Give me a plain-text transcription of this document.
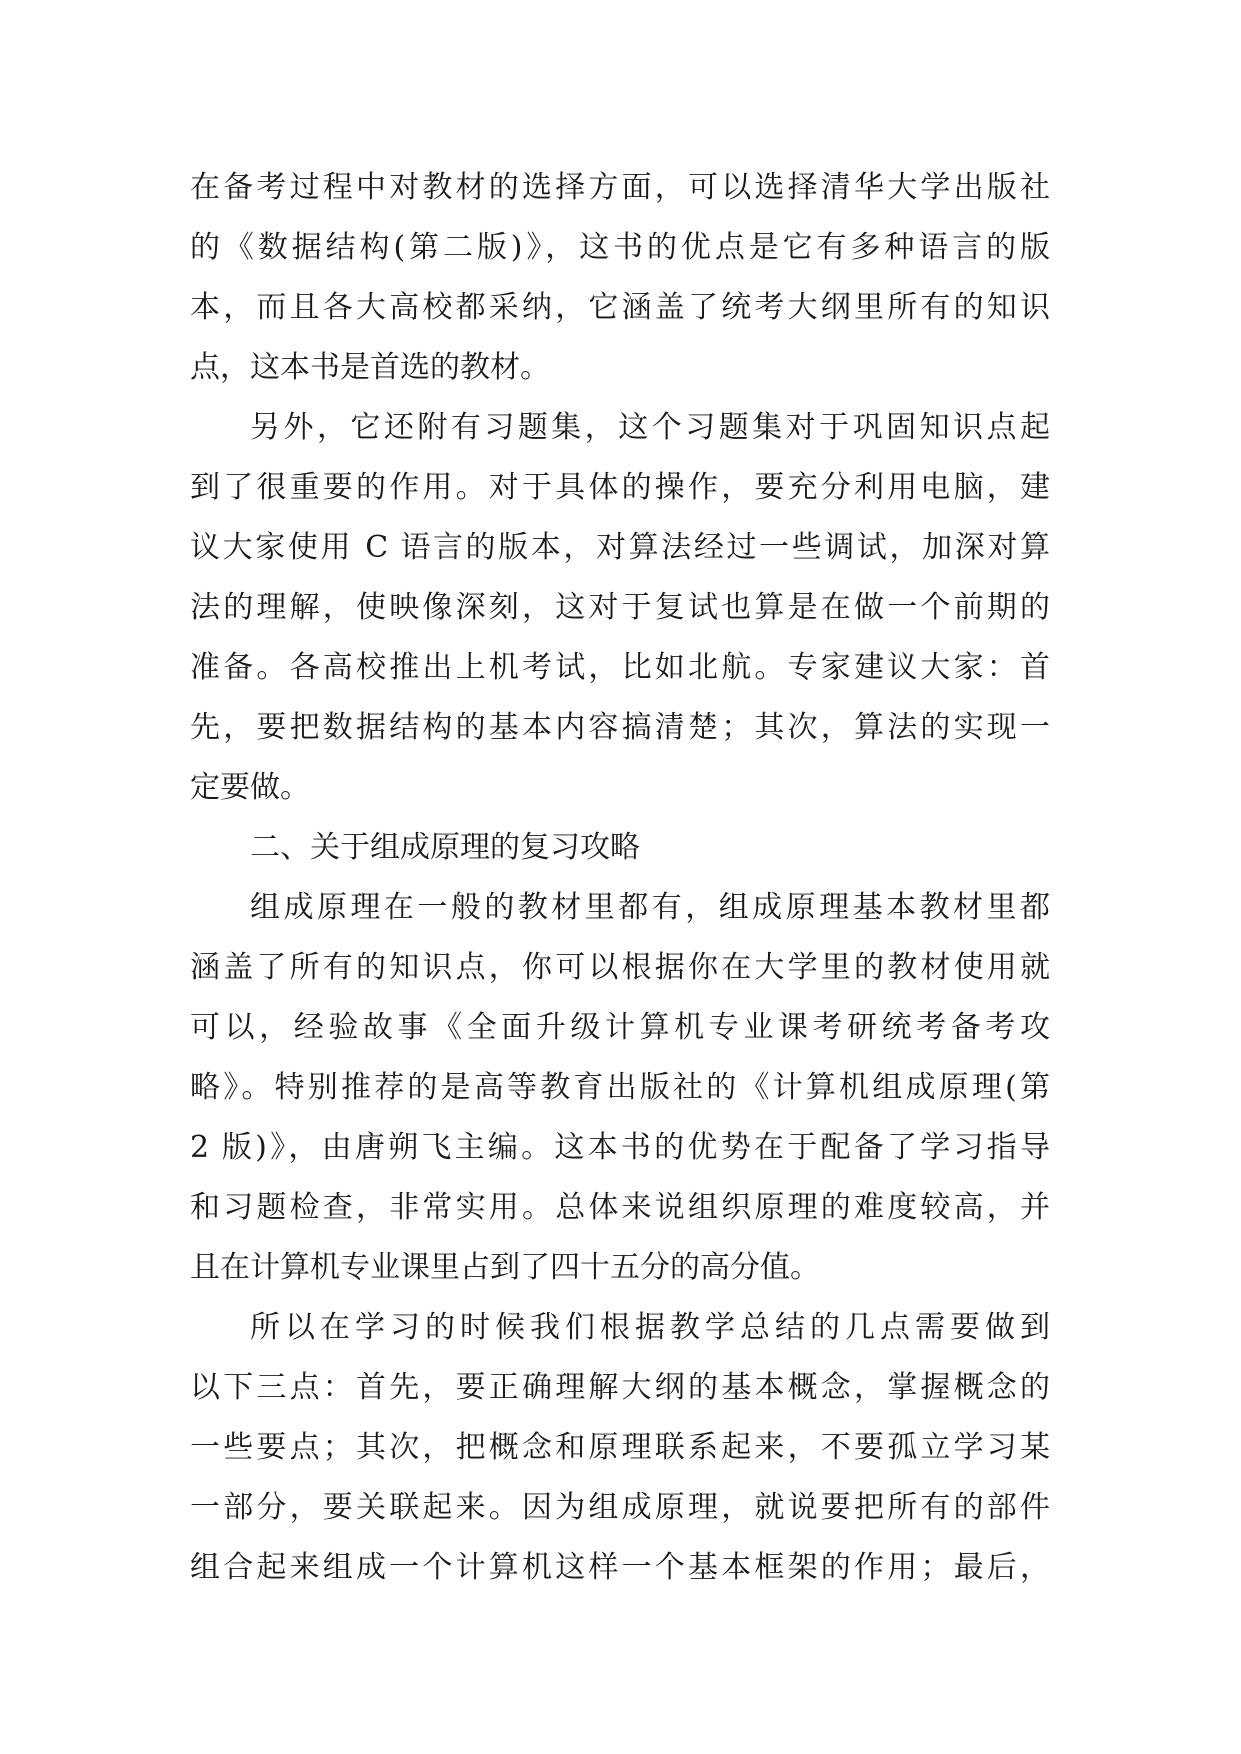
在备考过程中对教材的选择方面，可以选择清华大学出版社
的《数据结构(第二版)》，这书的优点是它有多种语言的版
本，而且各大高校都采纳，它涵盖了统考大纲里所有的知识
点，这本书是首选的教材。
另外，它还附有习题集，这个习题集对于巩固知识点起
到了很重要的作用。对于具体的操作，要充分利用电脑，建
议大家使用 C 语言的版本，对算法经过一些调试，加深对算
法的理解，使映像深刻，这对于复试也算是在做一个前期的
准备。各高校推出上机考试，比如北航。专家建议大家：首
先，要把数据结构的基本内容搞清楚；其次，算法的实现一
定要做。
二、关于组成原理的复习攻略
组成原理在一般的教材里都有，组成原理基本教材里都
涵盖了所有的知识点，你可以根据你在大学里的教材使用就
可以，经验故事《全面升级计算机专业课考研统考备考攻
略》。特别推荐的是高等教育出版社的《计算机组成原理(第
2 版)》，由唐朔飞主编。这本书的优势在于配备了学习指导
和习题检查，非常实用。总体来说组织原理的难度较高，并
且在计算机专业课里占到了四十五分的高分值。
所以在学习的时候我们根据教学总结的几点需要做到
以下三点：首先，要正确理解大纲的基本概念，掌握概念的
一些要点；其次，把概念和原理联系起来，不要孤立学习某
一部分，要关联起来。因为组成原理，就说要把所有的部件
组合起来组成一个计算机这样一个基本框架的作用；最后，
